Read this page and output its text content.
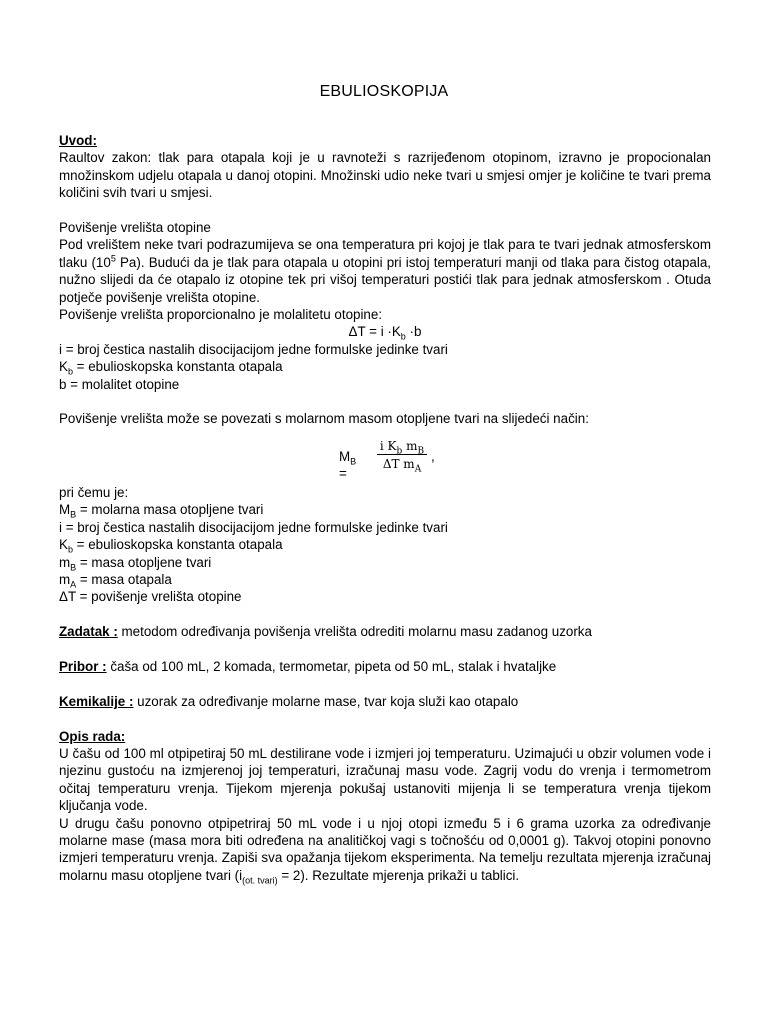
EBULIOSKOPIJA

Uvod:

Raultov zakon: tlak para otapala koji je u ravnoteži s razrijeđenom otopinom, izravno je propocionalan množinskom udjelu otapala u danoj otopini. Množinski udio neke tvari u smjesi omjer je količine te tvari prema količini svih tvari u smjesi.

Povišenje vrelišta otopine

Pod vrelištem neke tvari podrazumijeva se ona temperatura pri kojoj je tlak para te tvari jednak atmosferskom tlaku ($10^5$ Pa). Budući da je tlak para otapala u otopini pri istoj temperaturi manji od tlaka para čistog otapala, nužno slijedi da će otapalo iz otopine tek pri višoj temperaturi postići tlak para jednak atmosferskom . Otuda potječe povišenje vrelišta otopine.

Povišenje vrelišta proporcionalno je molalitetu otopine:

$\Delta T = i \cdot K_b \cdot b$

i = broj čestica nastalih disocijacijom jedne formulske jedinke tvari

$K_b$ = ebulioskopska konstanta otapala

b = molalitet otopine

Povišenje vrelišta može se povezati s molarnom masom otopljene tvari na slijedeći način:

$M_B$ =
$\frac{i K_b m_B}{\Delta T m_A}$ ,

pri čemu je:

$M_B$ = molarna masa otopljene tvari

i = broj čestica nastalih disocijacijom jedne formulske jedinke tvari

$K_b$ = ebulioskopska konstanta otapala

$m_B$ = masa otopljene tvari

$m_A$ = masa otapala

ΔT = povišenje vrelišta otopine

Zadatak : metodom određivanja povišenja vrelišta odrediti molarnu masu zadanog uzorka

Pribor : čaša od 100 mL, 2 komada, termometar, pipeta od 50 mL, stalak i hvataljke

Kemikalije : uzorak za određivanje molarne mase, tvar koja služi kao otapalo

Opis rada:

U čašu od 100 ml otpipetiraj 50 mL destilirane vode i izmjeri joj temperaturu. Uzimajući u obzir volumen vode i njezinu gustoću na izmjerenoj joj temperaturi, izračunaj masu vode. Zagrij vodu do vrenja i termometrom očitaj temperaturu vrenja. Tijekom mjerenja pokušaj ustanoviti mijenja li se temperatura vrenja tijekom ključanja vode.

U drugu čašu ponovno otpipetriraj 50 mL vode i u njoj otopi između 5 i 6 grama uzorka za određivanje molarne mase (masa mora biti određena na analitičkoj vagi s točnošću od 0,0001 g). Takvoj otopini ponovno izmjeri temperaturu vrenja. Zapiši sva opažanja tijekom eksperimenta. Na temelju rezultata mjerenja izračunaj molarnu masu otopljene tvari $(i_{(ot. tvari)} = 2)$. Rezultate mjerenja prikaži u tablici.
